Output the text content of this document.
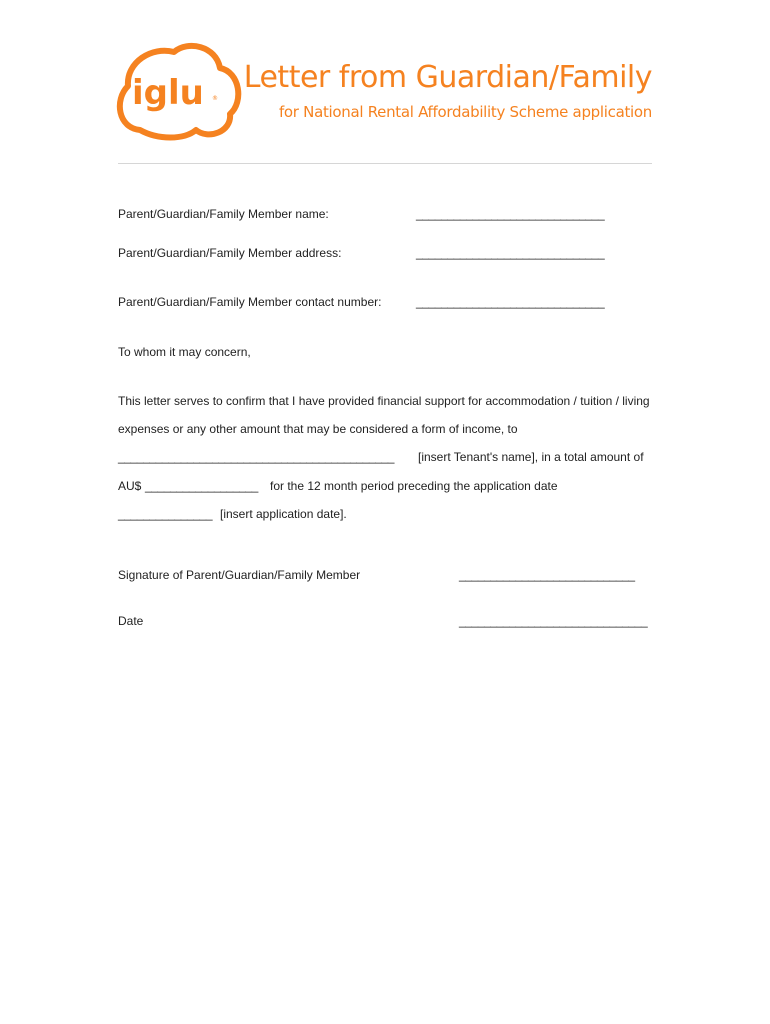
iglu ®
Letter from Guardian/Family
for National Rental Affordability Scheme application
Parent/Guardian/Family Member name:	______________________________
Parent/Guardian/Family Member address:	______________________________
Parent/Guardian/Family Member contact number:	______________________________
To whom it may concern,
This letter serves to confirm that I have provided financial support for accommodation / tuition / living
expenses or any other amount that may be considered a form of income, to
____________________________________________ [insert Tenant's name], in a total amount of
AU$ __________________ for the 12 month period preceding the application date
_______________ [insert application date].
Signature of Parent/Guardian/Family Member	____________________________
Date	______________________________
